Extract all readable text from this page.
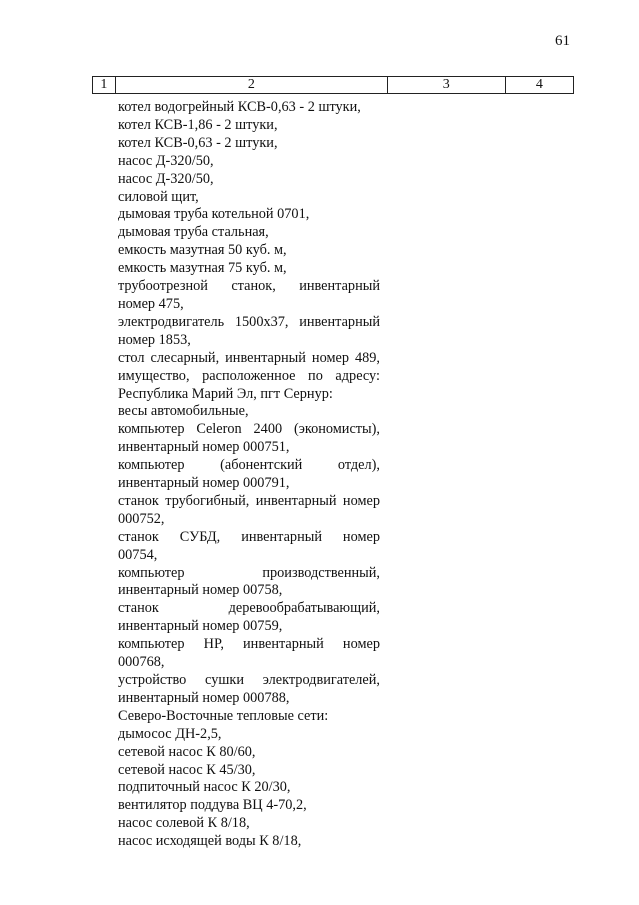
61
1	2	3	4
котел водогрейный КСВ-0,63 - 2 штуки,
котел КСВ-1,86 - 2 штуки,
котел КСВ-0,63 - 2 штуки,
насос Д-320/50,
насос Д-320/50,
силовой щит,
дымовая труба котельной 0701,
дымовая труба стальная,
емкость мазутная 50 куб. м,
емкость мазутная 75 куб. м,
трубоотрезной станок, инвентарный
номер 475,
электродвигатель 1500х37, инвентарный
номер 1853,
стол слесарный, инвентарный номер 489,
имущество, расположенное по адресу:
Республика Марий Эл, пгт Сернур:
весы автомобильные,
компьютер Celeron 2400 (экономисты),
инвентарный номер 000751,
компьютер (абонентский отдел),
инвентарный номер 000791,
станок трубогибный, инвентарный номер
000752,
станок СУБД, инвентарный номер
00754,
компьютер производственный,
инвентарный номер 00758,
станок деревообрабатывающий,
инвентарный номер 00759,
компьютер HP, инвентарный номер
000768,
устройство сушки электродвигателей,
инвентарный номер 000788,
Северо-Восточные тепловые сети:
дымосос ДН-2,5,
сетевой насос К 80/60,
сетевой насос К 45/30,
подпиточный насос К 20/30,
вентилятор поддува ВЦ 4-70,2,
насос солевой К 8/18,
насос исходящей воды К 8/18,
